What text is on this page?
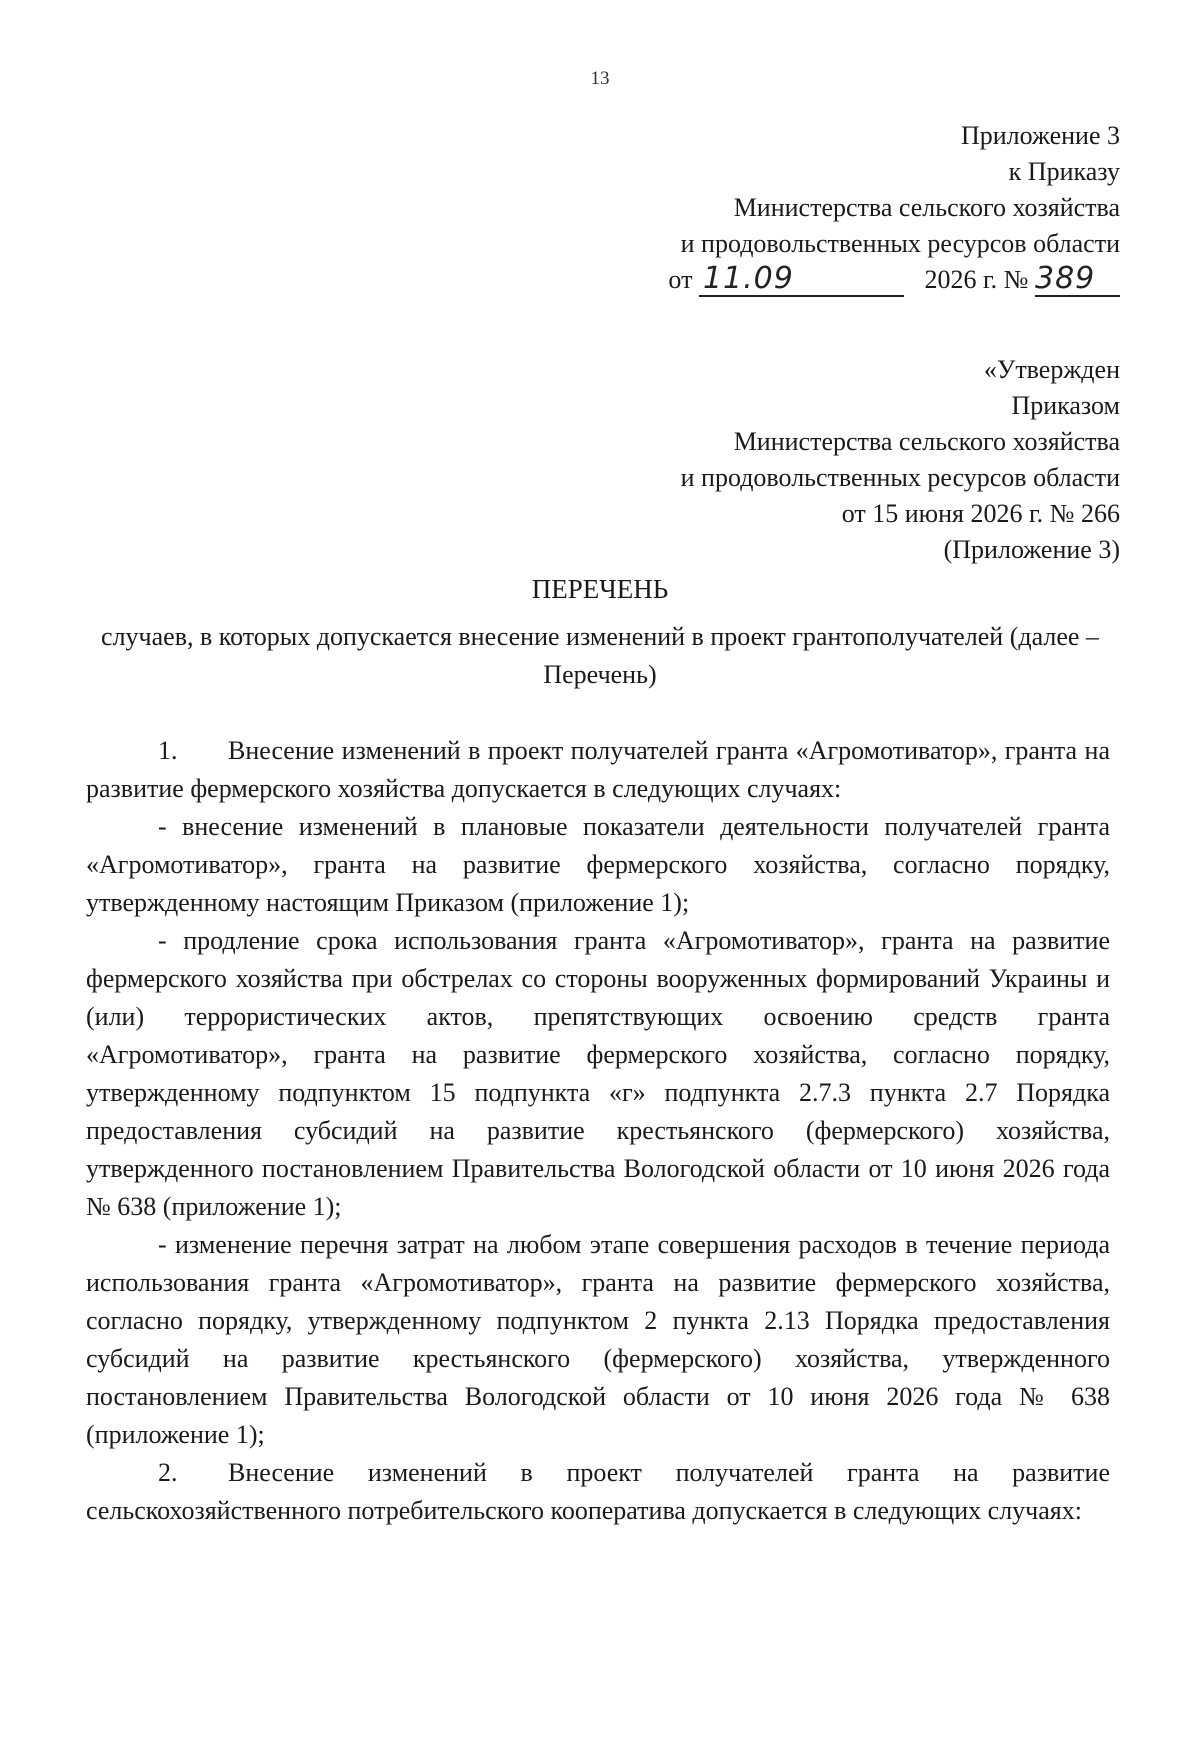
13
Приложение 3
к Приказу
Министерства сельского хозяйства
и продовольственных ресурсов области
от 11.09	2026 г. № 389
«Утвержден
Приказом
Министерства сельского хозяйства
и продовольственных ресурсов области
от 15 июня 2026 г. № 266
(Приложение 3)
ПЕРЕЧЕНЬ
случаев, в которых допускается внесение изменений в проект грантополучателей (далее – Перечень)

1. Внесение изменений в проект получателей гранта «Агромотиватор», гранта на развитие фермерского хозяйства допускается в следующих случаях:

- внесение изменений в плановые показатели деятельности получателей гранта «Агромотиватор», гранта на развитие фермерского хозяйства, согласно порядку, утвержденному настоящим Приказом (приложение 1);

- продление срока использования гранта «Агромотиватор», гранта на развитие фермерского хозяйства при обстрелах со стороны вооруженных формирований Украины и (или) террористических актов, препятствующих освоению средств гранта «Агромотиватор», гранта на развитие фермерского хозяйства, согласно порядку, утвержденному подпунктом 15 подпункта «г» подпункта 2.7.3 пункта 2.7 Порядка предоставления субсидий на развитие крестьянского (фермерского) хозяйства, утвержденного постановлением Правительства Вологодской области от 10 июня 2026 года № 638 (приложение 1);

- изменение перечня затрат на любом этапе совершения расходов в течение периода использования гранта «Агромотиватор», гранта на развитие фермерского хозяйства, согласно порядку, утвержденному подпунктом 2 пункта 2.13 Порядка предоставления субсидий на развитие крестьянского (фермерского) хозяйства, утвержденного постановлением Правительства Вологодской области от 10 июня 2026 года № 638 (приложение 1);

2. Внесение изменений в проект получателей гранта на развитие сельскохозяйственного потребительского кооператива допускается в следующих случаях:
